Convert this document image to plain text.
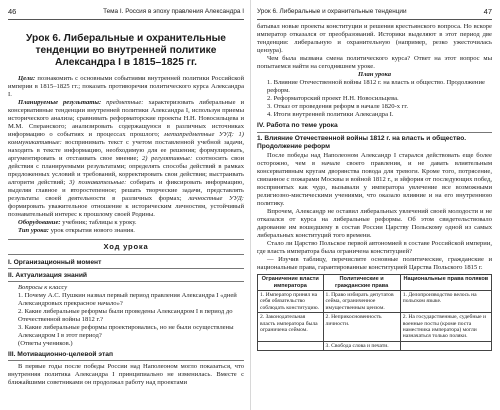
46	Тема I. Россия в эпоху правления Александра I
Урок 6. Либеральные и охранительные тенденции во внутренней политике Александра I в 1815–1825 гг.

Цели: познакомить с основными событиями внутренней политики Российской империи в 1815–1825 гг.; показать противоречия политического курса Александра I.

Планируемые результаты: предметные: характеризовать либеральные и консервативные тенденции внутренней политики Александра I, используя приемы исторического анализа; сравнивать реформаторские проекты Н.Н. Новосильцева и М.М. Сперанского; анализировать содержащуюся в различных источниках информацию о событиях и процессах прошлого; метапредметные УУД: 1) коммуникативные: воспринимать текст с учетом поставленной учебной задачи, находить в тексте информацию, необходимую для ее решения; формулировать, аргументировать и отстаивать свое мнение; 2) регулятивные: соотносить свои действия с планируемыми результатами; определять способы действий в рамках предложенных условий и требований, корректировать свои действия; выстраивать алгоритм действий; 3) познавательные: собирать и фиксировать информацию, выделяя главное и второстепенное; решать творческие задачи, представлять результаты своей деятельности в различных формах; личностные УУД: формировать уважительное отношение к историческим личностям, устойчивый познавательный интерес к прошлому своей Родины.

Оборудование: учебник; таблицы к уроку.

Тип урока: урок открытия нового знания.

Ход урока
I. Организационный момент
II. Актуализация знаний

Вопросы к классу

1. Почему А.С. Пушкин назвал первый период правления Александра I «дней Александровых прекрасное начало»?

2. Какие либеральные реформы были проведены Александром I в период до Отечественной войны 1812 г.?

3. Какие либеральные реформы проектировались, но не были осуществлены Александром I в этот период?

(Ответы учеников.)

III. Мотивационно-целевой этап

В первые годы после победы России над Наполеоном могло показаться, что внутренняя политика Александра I принципиально не изменилась. Вместе с ближайшими советниками он продолжал работу над проектами

Урок 6. Либеральные и охранительные тенденции	47

батывал новые проекты конституции и решения крестьянского вопроса. Но вскоре император отказался от преобразований. Историки выделяют в этот период две тенденции: либеральную и охранительную (например, резко ужесточилась цензура).

Чем была вызвана смена политического курса? Ответ на этот вопрос мы попытаемся найти на сегодняшнем уроке.

План урока

1. Влияние Отечественной войны 1812 г. на власть и общество. Продолжение реформ.

2. Реформаторский проект Н.Н. Новосильцева.

3. Отказ от проведения реформ в начале 1820-х гг.

4. Итоги внутренней политики Александра I.

IV. Работа по теме урока
1. Влияние Отечественной войны 1812 г. на власть и общество. Продолжение реформ

После победы над Наполеоном Александр I старался действовать еще более осторожно, чем в начале своего правления, и не давать влиятельным консервативным кругам дворянства повода для тревоги. Кроме того, потрясение, связанное с пожарами Москвы и войной 1812 г., и эйфория от последующих побед, воспринятых как чудо, вызывали у императора увлечение все возможными религиозно-мистическими учениями, что оказало влияние и на его внутреннюю политику.

Впрочем, Александр не оставил либеральных увлечений своей молодости и не отказался от курса на либеральные реформы. Об этом свидетельствовало дарование им вошедшему в состав России Царству Польскому одной из самых либеральных конституций того времени.

Стало ли Царство Польское первой автономией в составе Российской империи, где власть императора была ограничена конституцией?

— Изучив таблицу, перечислите основные политические, гражданские и национальные права, гарантированные конституцией Царства Польского 1815 г.

Ограничение власти императора	Политические и гражданские права	Национальные права поляков
1. Император принял на себя обязательство соблюдать конституцию.	1. Право избирать депутатов сейма, ограниченное имущественным цензом.	1. Делопроизводство велось на польском языке.
2. Законодательная власть императора была ограничена сеймом.	2. Неприкосновенность личности.	2. На государственные, судебные и военные посты (кроме поста наместника императора) могли назначаться только поляки.
	3. Свобода слова и печати.	
